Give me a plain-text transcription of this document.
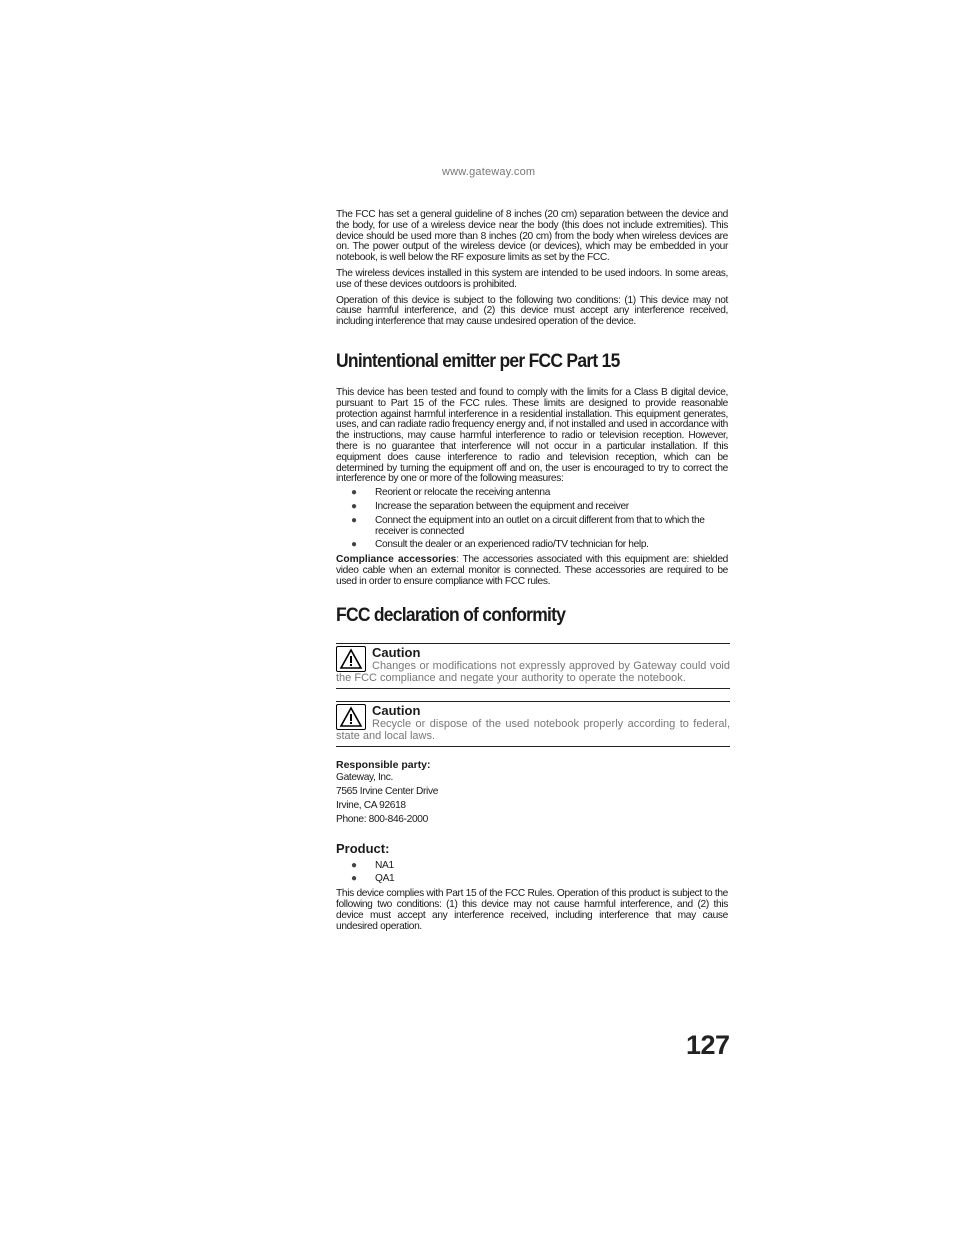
www.gateway.com

The FCC has set a general guideline of 8 inches (20 cm) separation between the device and the body, for use of a wireless device near the body (this does not include extremities). This device should be used more than 8 inches (20 cm) from the body when wireless devices are on. The power output of the wireless device (or devices), which may be embedded in your notebook, is well below the RF exposure limits as set by the FCC.

The wireless devices installed in this system are intended to be used indoors. In some areas, use of these devices outdoors is prohibited.

Operation of this device is subject to the following two conditions: (1) This device may not cause harmful interference, and (2) this device must accept any interference received, including interference that may cause undesired operation of the device.

Unintentional emitter per FCC Part 15

This device has been tested and found to comply with the limits for a Class B digital device, pursuant to Part 15 of the FCC rules. These limits are designed to provide reasonable protection against harmful interference in a residential installation. This equipment generates, uses, and can radiate radio frequency energy and, if not installed and used in accordance with the instructions, may cause harmful interference to radio or television reception. However, there is no guarantee that interference will not occur in a particular installation. If this equipment does cause interference to radio and television reception, which can be determined by turning the equipment off and on, the user is encouraged to try to correct the interference by one or more of the following measures:

● Reorient or relocate the receiving antenna
● Increase the separation between the equipment and receiver
● Connect the equipment into an outlet on a circuit different from that to which the receiver is connected
● Consult the dealer or an experienced radio/TV technician for help.

Compliance accessories: The accessories associated with this equipment are: shielded video cable when an external monitor is connected. These accessories are required to be used in order to ensure compliance with FCC rules.

FCC declaration of conformity
Caution
Changes or modifications not expressly approved by Gateway could void the FCC compliance and negate your authority to operate the notebook.
Caution
Recycle or dispose of the used notebook properly according to federal, state and local laws.
Responsible party:
Gateway, Inc.
7565 Irvine Center Drive
Irvine, CA 92618
Phone: 800-846-2000
Product:
● NA1
● QA1

This device complies with Part 15 of the FCC Rules. Operation of this product is subject to the following two conditions: (1) this device may not cause harmful interference, and (2) this device must accept any interference received, including interference that may cause undesired operation.

127
